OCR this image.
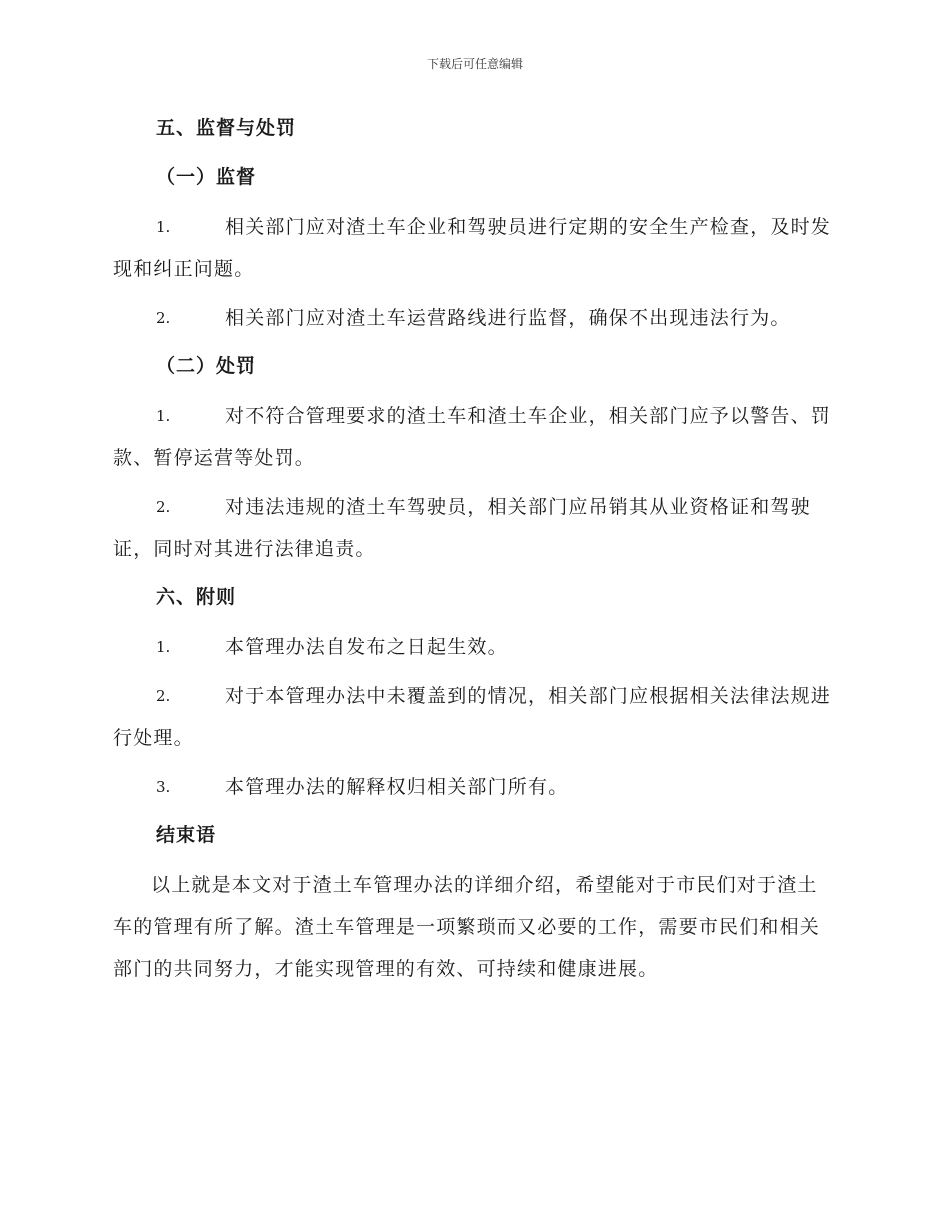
下载后可任意编辑
五、监督与处罚
（一）监督
1.	相关部门应对渣土车企业和驾驶员进行定期的安全生产检查，及时发现和纠正问题。
2.	相关部门应对渣土车运营路线进行监督，确保不出现违法行为。
（二）处罚
1.	对不符合管理要求的渣土车和渣土车企业，相关部门应予以警告、罚款、暂停运营等处罚。
2.	对违法违规的渣土车驾驶员，相关部门应吊销其从业资格证和驾驶证，同时对其进行法律追责。
六、附则
1.	本管理办法自发布之日起生效。
2.	对于本管理办法中未覆盖到的情况，相关部门应根据相关法律法规进行处理。
3.	本管理办法的解释权归相关部门所有。
结束语

以上就是本文对于渣土车管理办法的详细介绍，希望能对于市民们对于渣土车的管理有所了解。渣土车管理是一项繁琐而又必要的工作，需要市民们和相关部门的共同努力，才能实现管理的有效、可持续和健康进展。
